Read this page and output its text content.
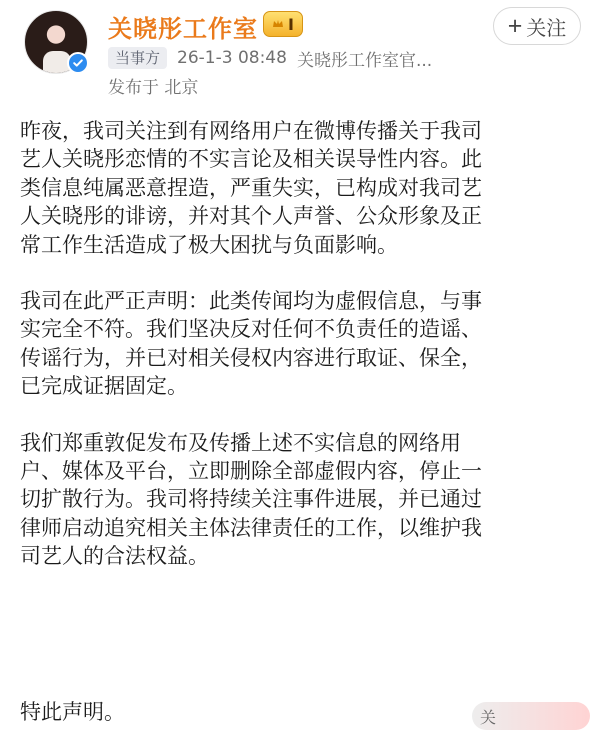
关晓彤工作室 I	+ 关注
当事方	26-1-3 08:48 关晓彤工作室官...
发布于 北京

昨夜，我司关注到有网络用户在微博传播关于我司
艺人关晓彤恋情的不实言论及相关误导性内容。此
类信息纯属恶意捏造，严重失实，已构成对我司艺
人关晓彤的诽谤，并对其个人声誉、公众形象及正
常工作生活造成了极大困扰与负面影响。

我司在此严正声明：此类传闻均为虚假信息，与事
实完全不符。我们坚决反对任何不负责任的造谣、
传谣行为，并已对相关侵权内容进行取证、保全，
已完成证据固定。

我们郑重敦促发布及传播上述不实信息的网络用
户、媒体及平台，立即删除全部虚假内容，停止一
切扩散行为。我司将持续关注事件进展，并已通过
律师启动追究相关主体法律责任的工作，以维护我
司艺人的合法权益。

特此声明。	关
